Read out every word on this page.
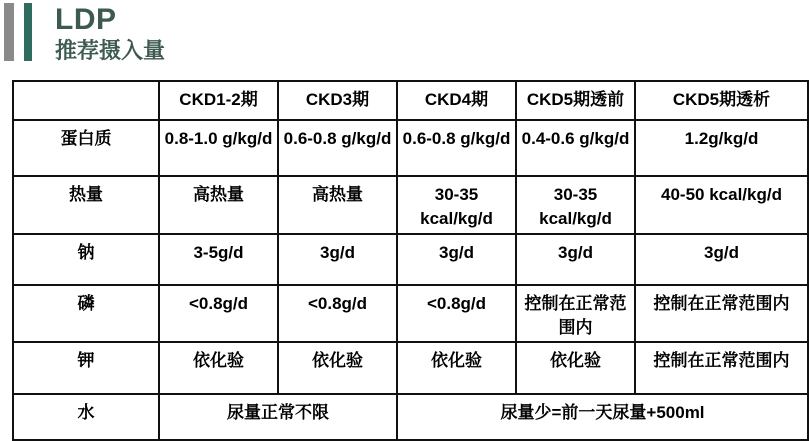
LDP
推荐摄入量
	CKD1-2期	CKD3期	CKD4期	CKD5期透前	CKD5期透析
蛋白质	0.8-1.0 g/kg/d	0.6-0.8 g/kg/d	0.6-0.8 g/kg/d	0.4-0.6 g/kg/d	1.2g/kg/d
热量	高热量	高热量	30-35 kcal/kg/d	30-35 kcal/kg/d	40-50 kcal/kg/d
钠	3-5g/d	3g/d	3g/d	3g/d	3g/d
磷	<0.8g/d	<0.8g/d	<0.8g/d	控制在正常范围内	控制在正常范围内
钾	依化验	依化验	依化验	依化验	控制在正常范围内
水	尿量正常不限		尿量少=前一天尿量+500ml		
